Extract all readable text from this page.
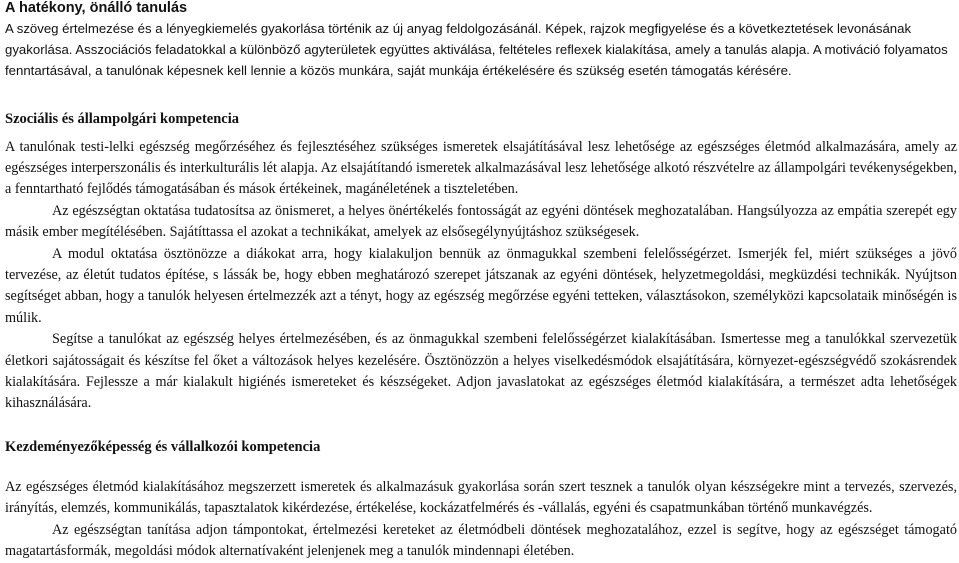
A hatékony, önálló tanulás

A szöveg értelmezése és a lényegkiemelés gyakorlása történik az új anyag feldolgozásánál. Képek, rajzok megfigyelése és a következtetések levonásának gyakorlása. Asszociációs feladatokkal a különböző agyterületek együttes aktiválása, feltételes reflexek kialakítása, amely a tanulás alapja. A motiváció folyamatos fenntartásával, a tanulónak képesnek kell lennie a közös munkára, saját munkája értékelésére és szükség esetén támogatás kérésére.

Szociális és állampolgári kompetencia

A tanulónak testi-lelki egészség megőrzéséhez és fejlesztéséhez szükséges ismeretek elsajátításával lesz lehetősége az egészséges életmód alkalmazására, amely az egészséges interperszonális és interkulturális lét alapja. Az elsajátítandó ismeretek alkalmazásával lesz lehetősége alkotó részvételre az állampolgári tevékenységekben, a fenntartható fejlődés támogatásában és mások értékeinek, magánéletének a tiszteletében.

Az egészségtan oktatása tudatosítsa az önismeret, a helyes önértékelés fontosságát az egyéni döntések meghozatalában. Hangsúlyozza az empátia szerepét egy másik ember megítélésében. Sajátíttassa el azokat a technikákat, amelyek az elsősegélynyújtáshoz szükségesek.

A modul oktatása ösztönözze a diákokat arra, hogy kialakuljon bennük az önmagukkal szembeni felelősségérzet. Ismerjék fel, miért szükséges a jövő tervezése, az életút tudatos építése, s lássák be, hogy ebben meghatározó szerepet játszanak az egyéni döntések, helyzetmegoldási, megküzdési technikák. Nyújtson segítséget abban, hogy a tanulók helyesen értelmezzék azt a tényt, hogy az egészség megőrzése egyéni tetteken, választásokon, személyközi kapcsolataik minőségén is múlik.

Segítse a tanulókat az egészség helyes értelmezésében, és az önmagukkal szembeni felelősségérzet kialakításában. Ismertesse meg a tanulókkal szervezetük életkori sajátosságait és készítse fel őket a változások helyes kezelésére. Ösztönözzön a helyes viselkedésmódok elsajátítására, környezet-egészségvédő szokásrendek kialakítására. Fejlessze a már kialakult higiénés ismereteket és készségeket. Adjon javaslatokat az egészséges életmód kialakítására, a természet adta lehetőségek kihasználására.

Kezdeményezőképesség és vállalkozói kompetencia

Az egészséges életmód kialakításához megszerzett ismeretek és alkalmazásuk gyakorlása során szert tesznek a tanulók olyan készségekre mint a tervezés, szervezés, irányítás, elemzés, kommunikálás, tapasztalatok kikérdezése, értékelése, kockázatfelmérés és -vállalás, egyéni és csapatmunkában történő munkavégzés.

Az egészségtan tanítása adjon támpontokat, értelmezési kereteket az életmódbeli döntések meghozatalához, ezzel is segítve, hogy az egészséget támogató magatartásformák, megoldási módok alternatívaként jelenjenek meg a tanulók mindennapi életében.
